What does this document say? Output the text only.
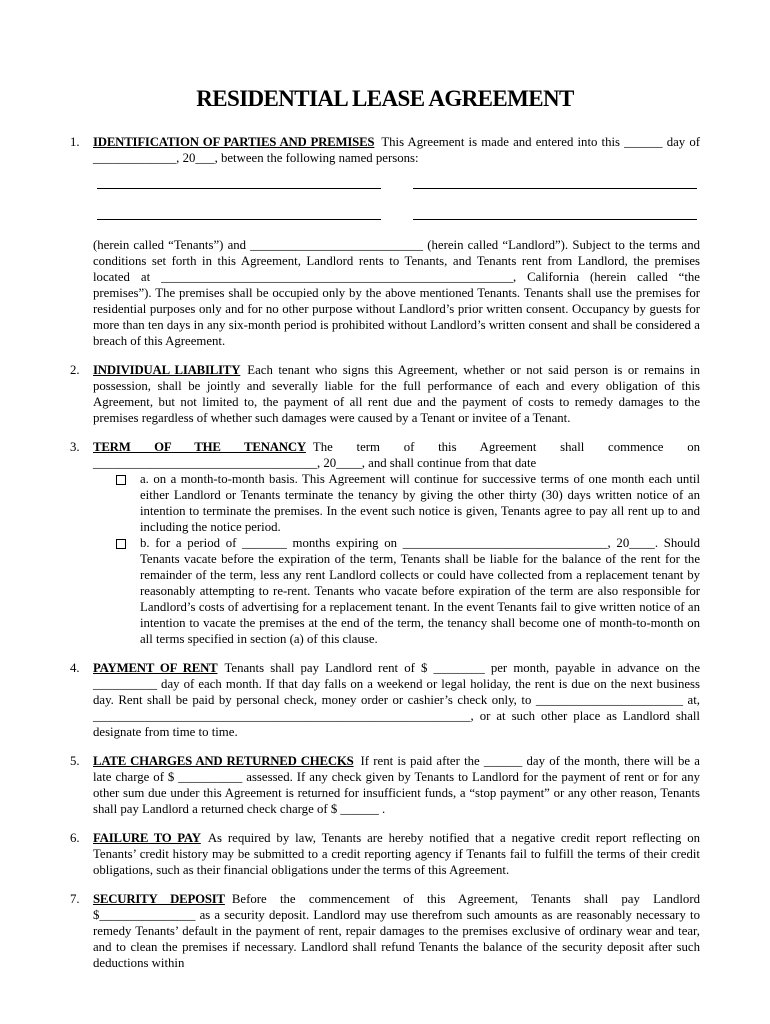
RESIDENTIAL LEASE AGREEMENT
1.	IDENTIFICATION OF PARTIES AND PREMISES This Agreement is made and entered into this ______ day of _____________, 20___, between the following named persons:

(herein called “Tenants”) and ___________________________ (herein called “Landlord”). Subject to the terms and conditions set forth in this Agreement, Landlord rents to Tenants, and Tenants rent from Landlord, the premises located at _______________________________________________________, California (herein called “the premises”). The premises shall be occupied only by the above mentioned Tenants. Tenants shall use the premises for residential purposes only and for no other purpose without Landlord’s prior written consent. Occupancy by guests for more than ten days in any six-month period is prohibited without Landlord’s written consent and shall be considered a breach of this Agreement.

2.	INDIVIDUAL LIABILITY Each tenant who signs this Agreement, whether or not said person is or remains in possession, shall be jointly and severally liable for the full performance of each and every obligation of this Agreement, but not limited to, the payment of all rent due and the payment of costs to remedy damages to the premises regardless of whether such damages were caused by a Tenant or invitee of a Tenant.

3.	TERM OF THE TENANCY The term of this Agreement shall commence on ___________________________________, 20____, and shall continue from that date

a. on a month-to-month basis. This Agreement will continue for successive terms of one month each until either Landlord or Tenants terminate the tenancy by giving the other thirty (30) days written notice of an intention to terminate the premises. In the event such notice is given, Tenants agree to pay all rent up to and including the notice period.

b. for a period of _______ months expiring on ________________________________, 20____. Should Tenants vacate before the expiration of the term, Tenants shall be liable for the balance of the rent for the remainder of the term, less any rent Landlord collects or could have collected from a replacement tenant by reasonably attempting to re-rent. Tenants who vacate before expiration of the term are also responsible for Landlord’s costs of advertising for a replacement tenant. In the event Tenants fail to give written notice of an intention to vacate the premises at the end of the term, the tenancy shall become one of month-to-month on all terms specified in section (a) of this clause.

4.	PAYMENT OF RENT Tenants shall pay Landlord rent of $ ________ per month, payable in advance on the __________ day of each month. If that day falls on a weekend or legal holiday, the rent is due on the next business day. Rent shall be paid by personal check, money order or cashier’s check only, to _______________________ at, ___________________________________________________________, or at such other place as Landlord shall designate from time to time.

5.	LATE CHARGES AND RETURNED CHECKS If rent is paid after the ______ day of the month, there will be a late charge of $ __________ assessed. If any check given by Tenants to Landlord for the payment of rent or for any other sum due under this Agreement is returned for insufficient funds, a “stop payment” or any other reason, Tenants shall pay Landlord a returned check charge of $ ______ .

6.	FAILURE TO PAY As required by law, Tenants are hereby notified that a negative credit report reflecting on Tenants’ credit history may be submitted to a credit reporting agency if Tenants fail to fulfill the terms of their credit obligations, such as their financial obligations under the terms of this Agreement.

7.	SECURITY DEPOSIT Before the commencement of this Agreement, Tenants shall pay Landlord $_______________ as a security deposit. Landlord may use therefrom such amounts as are reasonably necessary to remedy Tenants’ default in the payment of rent, repair damages to the premises exclusive of ordinary wear and tear, and to clean the premises if necessary. Landlord shall refund Tenants the balance of the security deposit after such deductions within
